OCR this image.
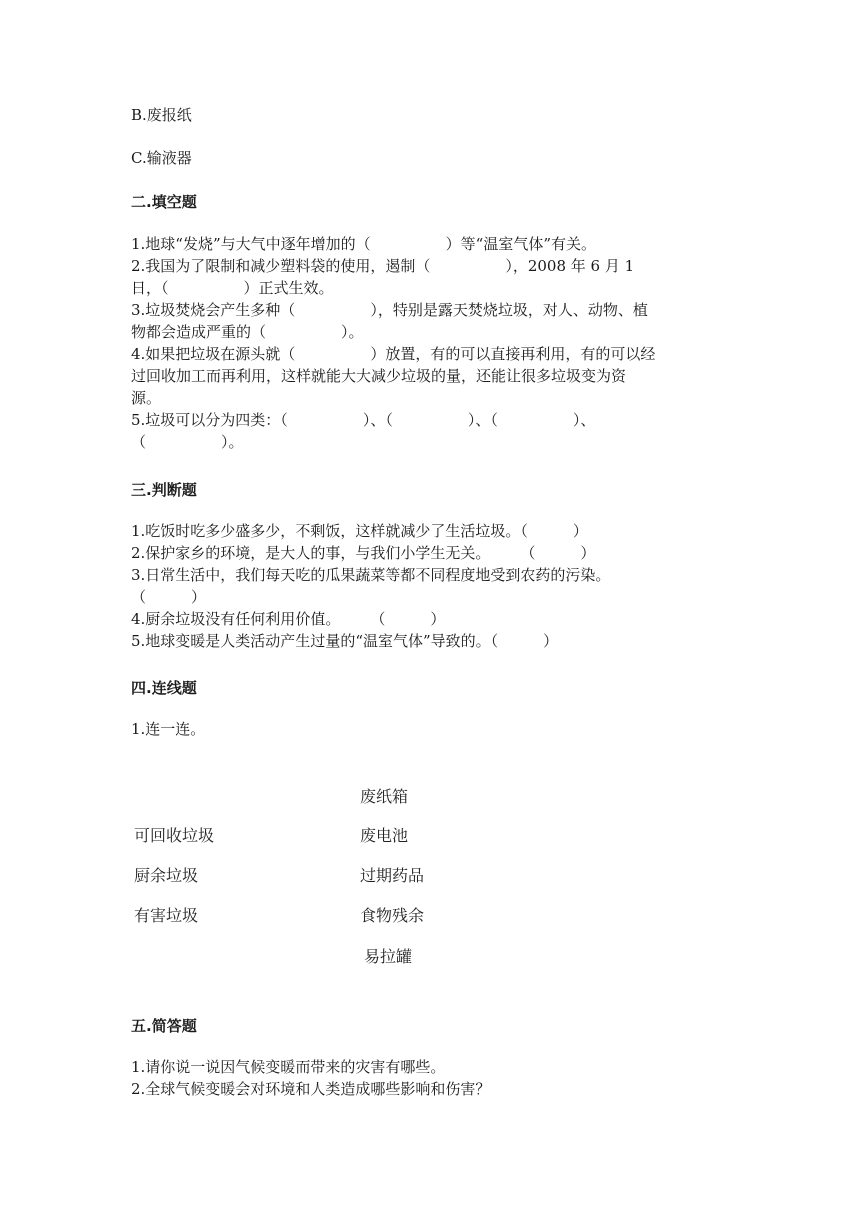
B.废报纸
C.输液器
二.填空题
1.地球“发烧”与大气中逐年增加的（　　　　　）等“温室气体”有关。
2.我国为了限制和减少塑料袋的使用，遏制（　　　　　），2008 年 6 月 1
日，（　　　　　）正式生效。
3.垃圾焚烧会产生多种（　　　　　），特别是露天焚烧垃圾，对人、动物、植
物都会造成严重的（　　　　　）。
4.如果把垃圾在源头就（　　　　　）放置，有的可以直接再利用，有的可以经
过回收加工而再利用，这样就能大大减少垃圾的量，还能让很多垃圾变为资
源。
5.垃圾可以分为四类：（　　　　　）、（　　　　　）、（　　　　　）、
（　　　　　）。
三.判断题
1.吃饭时吃多少盛多少，不剩饭，这样就减少了生活垃圾。（　　　）
2.保护家乡的环境，是大人的事，与我们小学生无关。　　　（　　　）
3.日常生活中，我们每天吃的瓜果蔬菜等都不同程度地受到农药的污染。
（　　　）
4.厨余垃圾没有任何利用价值。　　　（　　　）
5.地球变暖是人类活动产生过量的“温室气体”导致的。（　　　）
四.连线题
1.连一连。
可回收垃圾
厨余垃圾
有害垃圾
废纸箱
废电池
过期药品
食物残余
易拉罐
五.简答题
1.请你说一说因气候变暖而带来的灾害有哪些。
2.全球气候变暖会对环境和人类造成哪些影响和伤害？
